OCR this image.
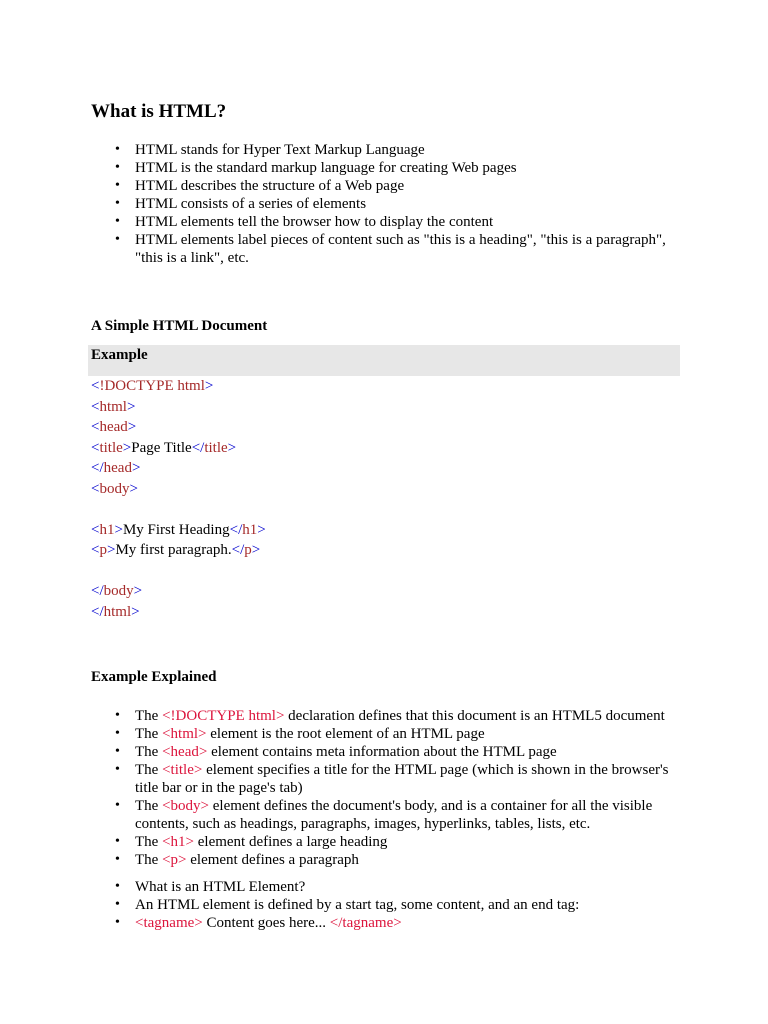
What is HTML?
• HTML stands for Hyper Text Markup Language
• HTML is the standard markup language for creating Web pages
• HTML describes the structure of a Web page
• HTML consists of a series of elements
• HTML elements tell the browser how to display the content
• HTML elements label pieces of content such as "this is a heading", "this is a paragraph", "this is a link", etc.
A Simple HTML Document
Example
<!DOCTYPE html>
<html>
<head>
<title>Page Title</title>
</head>
<body>
<h1>My First Heading</h1>
<p>My first paragraph.</p>
</body>
</html>
Example Explained
• The <!DOCTYPE html> declaration defines that this document is an HTML5 document
• The <html> element is the root element of an HTML page
• The <head> element contains meta information about the HTML page
• The <title> element specifies a title for the HTML page (which is shown in the browser's title bar or in the page's tab)
• The <body> element defines the document's body, and is a container for all the visible contents, such as headings, paragraphs, images, hyperlinks, tables, lists, etc.
• The <h1> element defines a large heading
• The <p> element defines a paragraph
• What is an HTML Element?
• An HTML element is defined by a start tag, some content, and an end tag:
• <tagname> Content goes here... </tagname>
